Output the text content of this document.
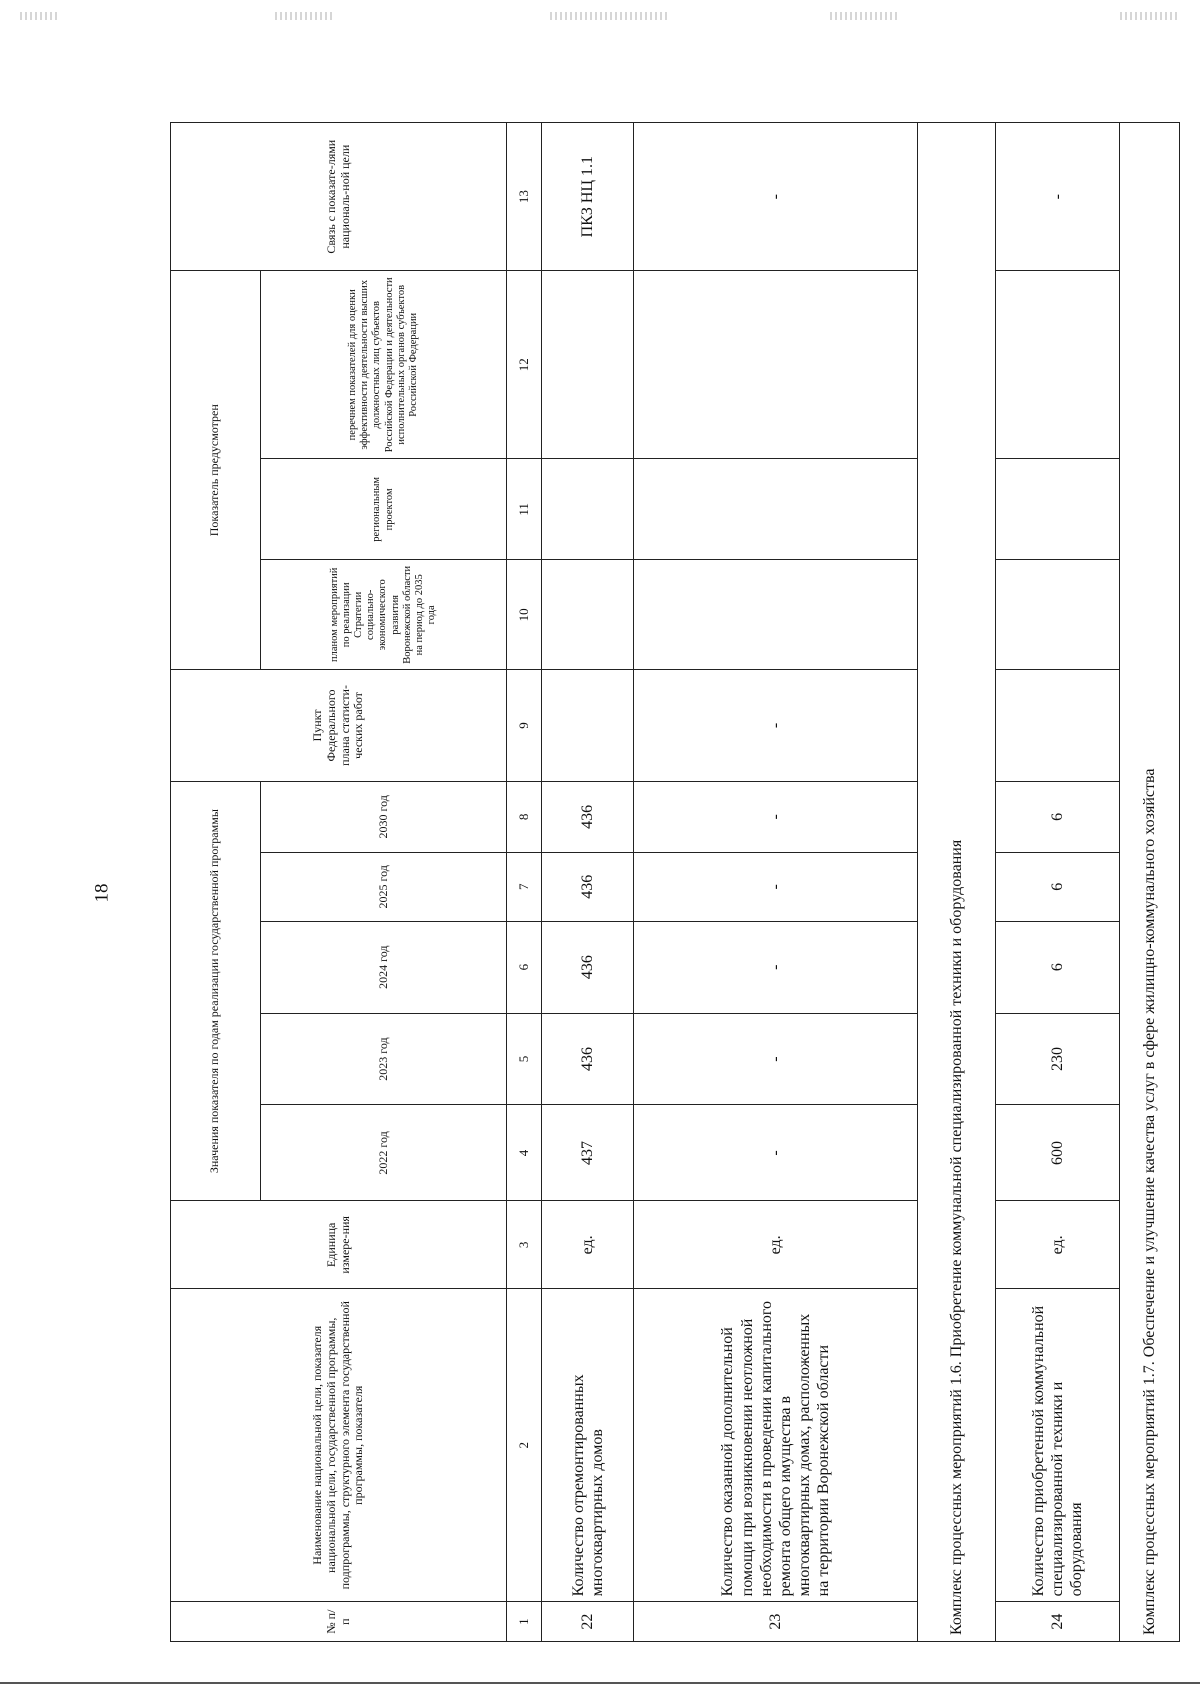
18
№ п/п	Наименование национальной цели, показателя национальной цели, государственной программы, подпрограммы, структурного элемента государственной программы, показателя	Единица измере-ния	Значения показателя по годам реализации государственной программы					Пункт Федерального плана статисти-ческих работ	Показатель предусмотрен			Связь с показате-лями националь-ной цели
			2022 год	2023 год	2024 год	2025 год	2030 год		планом мероприятий по реализации Стратегии социально-экономического развития Воронежской области на период до 2035 года	региональным проектом	перечнем показателей для оценки эффективности деятельности высших должностных лиц субъектов Российской Федерации и деятельности исполнительных органов субъектов Российской Федерации	
1	2	3	4	5	6	7	8	9	10	11	12	13
22	Количество отремонтированных многоквартирных домов	ед.	437	436	436	436	436					ПКЗ НЦ 1.1
23	Количество оказанной дополнительной помощи при возникновении неотложной необходимости в проведении капитального ремонта общего имущества в многоквартирных домах, расположенных на территории Воронежской области	ед.	-	-	-	-	-	-				-
Комплекс процессных мероприятий 1.6. Приобретение коммунальной специализированной техники и оборудования												
24	Количество приобретенной коммунальной специализированной техники и оборудования	ед.	600	230	6	6	6					-
Комплекс процессных мероприятий 1.7. Обеспечение и улучшение качества услуг в сфере жилищно-коммунального хозяйства												
